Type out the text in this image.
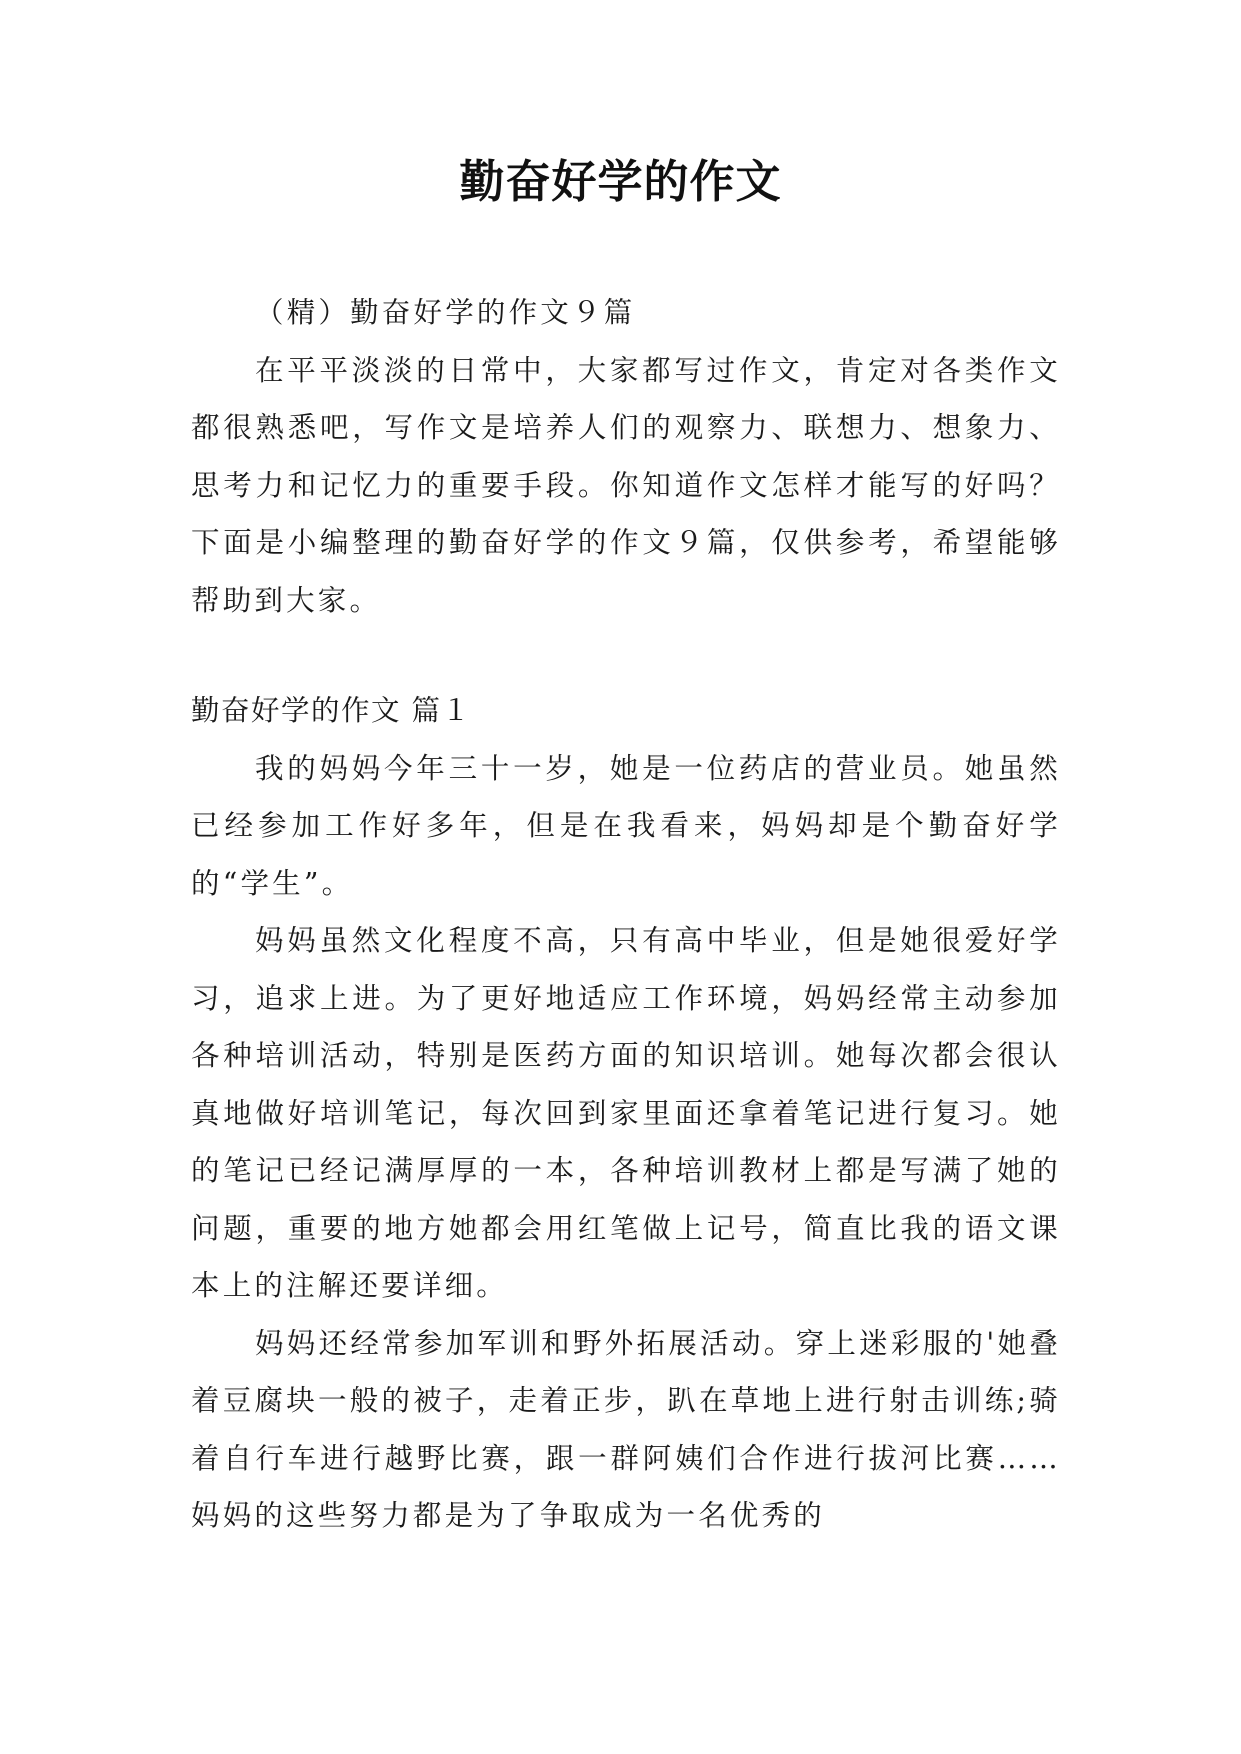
勤奋好学的作文

（精）勤奋好学的作文９篇

在平平淡淡的日常中，大家都写过作文，肯定对各类作文都很熟悉吧，写作文是培养人们的观察力、联想力、想象力、思考力和记忆力的重要手段。你知道作文怎样才能写的好吗？下面是小编整理的勤奋好学的作文９篇，仅供参考，希望能够帮助到大家。

勤奋好学的作文 篇１

我的妈妈今年三十一岁，她是一位药店的营业员。她虽然已经参加工作好多年，但是在我看来，妈妈却是个勤奋好学的“学生”。

妈妈虽然文化程度不高，只有高中毕业，但是她很爱好学习，追求上进。为了更好地适应工作环境，妈妈经常主动参加各种培训活动，特别是医药方面的知识培训。她每次都会很认真地做好培训笔记，每次回到家里面还拿着笔记进行复习。她的笔记已经记满厚厚的一本，各种培训教材上都是写满了她的问题，重要的地方她都会用红笔做上记号，简直比我的语文课本上的注解还要详细。

妈妈还经常参加军训和野外拓展活动。穿上迷彩服的'她叠着豆腐块一般的被子，走着正步，趴在草地上进行射击训练;骑着自行车进行越野比赛，跟一群阿姨们合作进行拔河比赛……妈妈的这些努力都是为了争取成为一名优秀的
